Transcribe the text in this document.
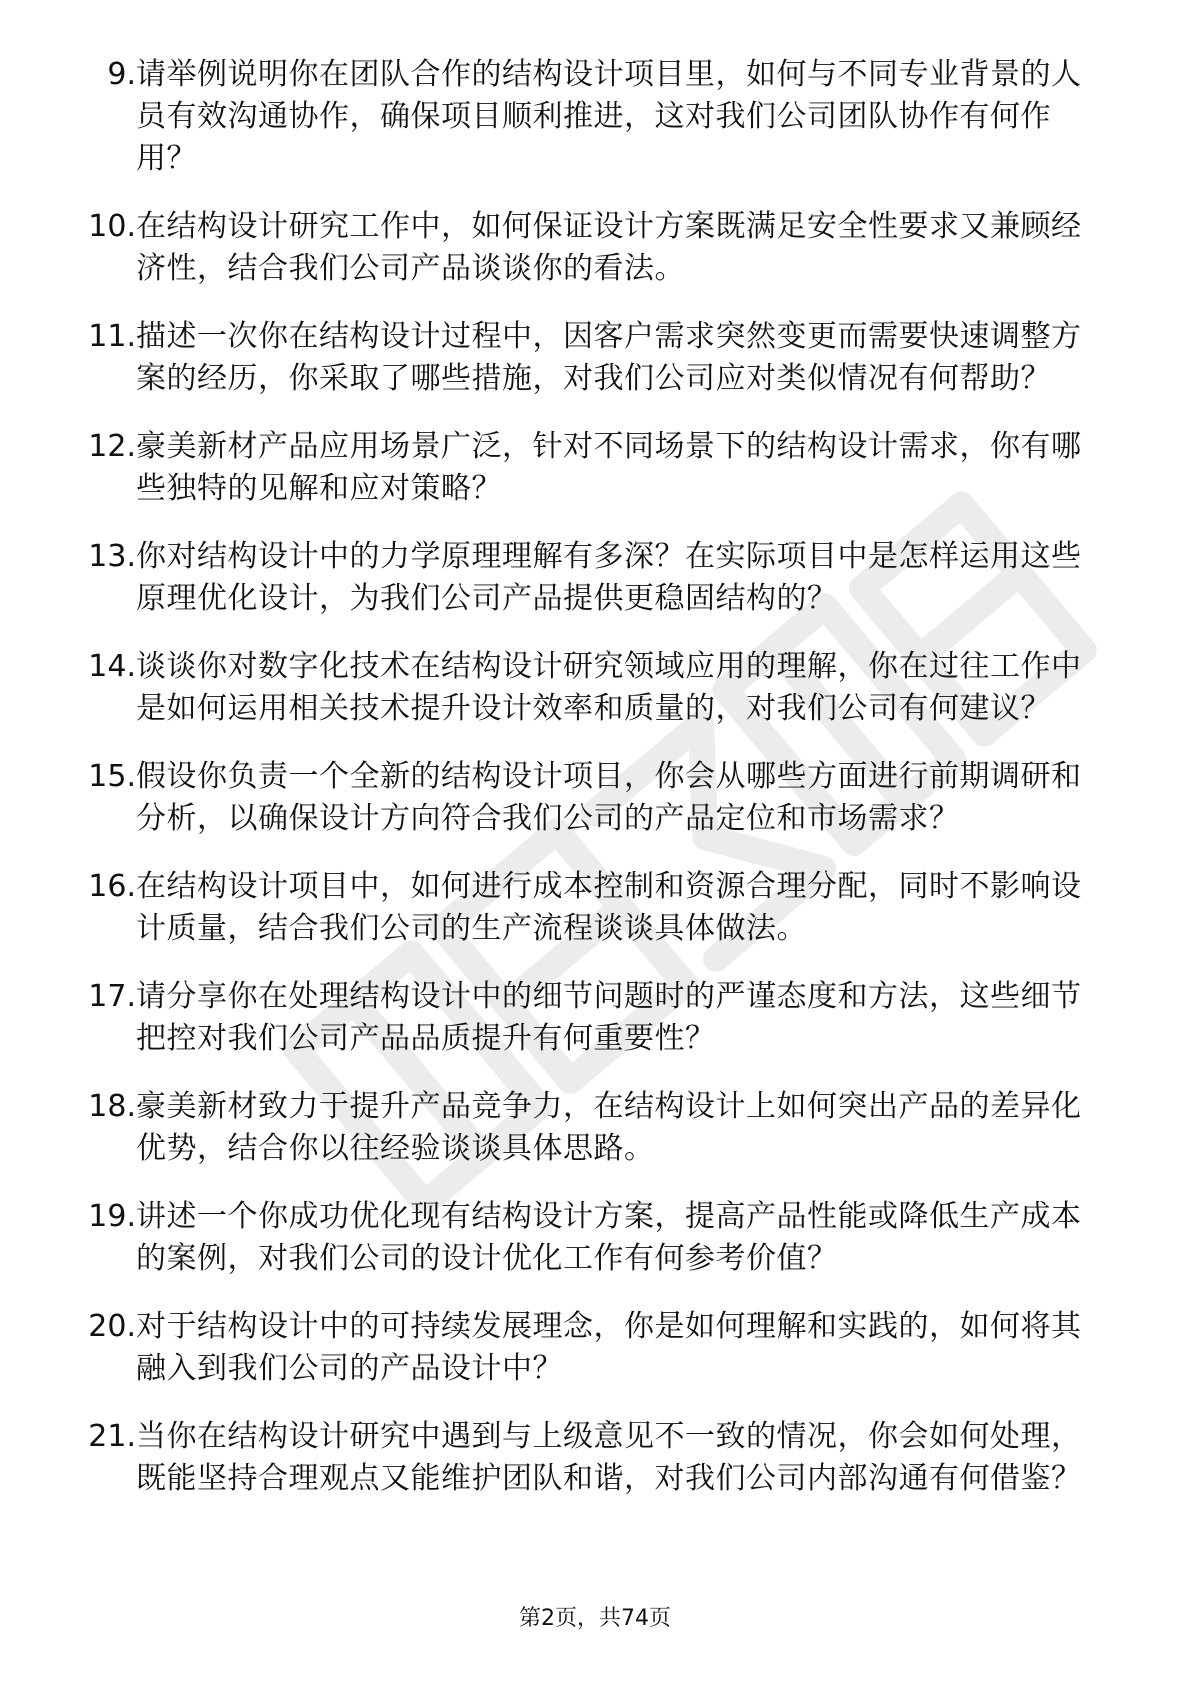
9. 请举例说明你在团队合作的结构设计项目里，如何与不同专业背景的人员有效沟通协作，确保项目顺利推进，这对我们公司团队协作有何作用？
10. 在结构设计研究工作中，如何保证设计方案既满足安全性要求又兼顾经济性，结合我们公司产品谈谈你的看法。
11. 描述一次你在结构设计过程中，因客户需求突然变更而需要快速调整方案的经历，你采取了哪些措施，对我们公司应对类似情况有何帮助？
12. 豪美新材产品应用场景广泛，针对不同场景下的结构设计需求，你有哪些独特的见解和应对策略？
13. 你对结构设计中的力学原理理解有多深？在实际项目中是怎样运用这些原理优化设计，为我们公司产品提供更稳固结构的？
14. 谈谈你对数字化技术在结构设计研究领域应用的理解，你在过往工作中是如何运用相关技术提升设计效率和质量的，对我们公司有何建议？
15. 假设你负责一个全新的结构设计项目，你会从哪些方面进行前期调研和分析，以确保设计方向符合我们公司的产品定位和市场需求？
16. 在结构设计项目中，如何进行成本控制和资源合理分配，同时不影响设计质量，结合我们公司的生产流程谈谈具体做法。
17. 请分享你在处理结构设计中的细节问题时的严谨态度和方法，这些细节把控对我们公司产品品质提升有何重要性？
18. 豪美新材致力于提升产品竞争力，在结构设计上如何突出产品的差异化优势，结合你以往经验谈谈具体思路。
19. 讲述一个你成功优化现有结构设计方案，提高产品性能或降低生产成本的案例，对我们公司的设计优化工作有何参考价值？
20. 对于结构设计中的可持续发展理念，你是如何理解和实践的，如何将其融入到我们公司的产品设计中？
21. 当你在结构设计研究中遇到与上级意见不一致的情况，你会如何处理，既能坚持合理观点又能维护团队和谐，对我们公司内部沟通有何借鉴？
第2页，共74页
